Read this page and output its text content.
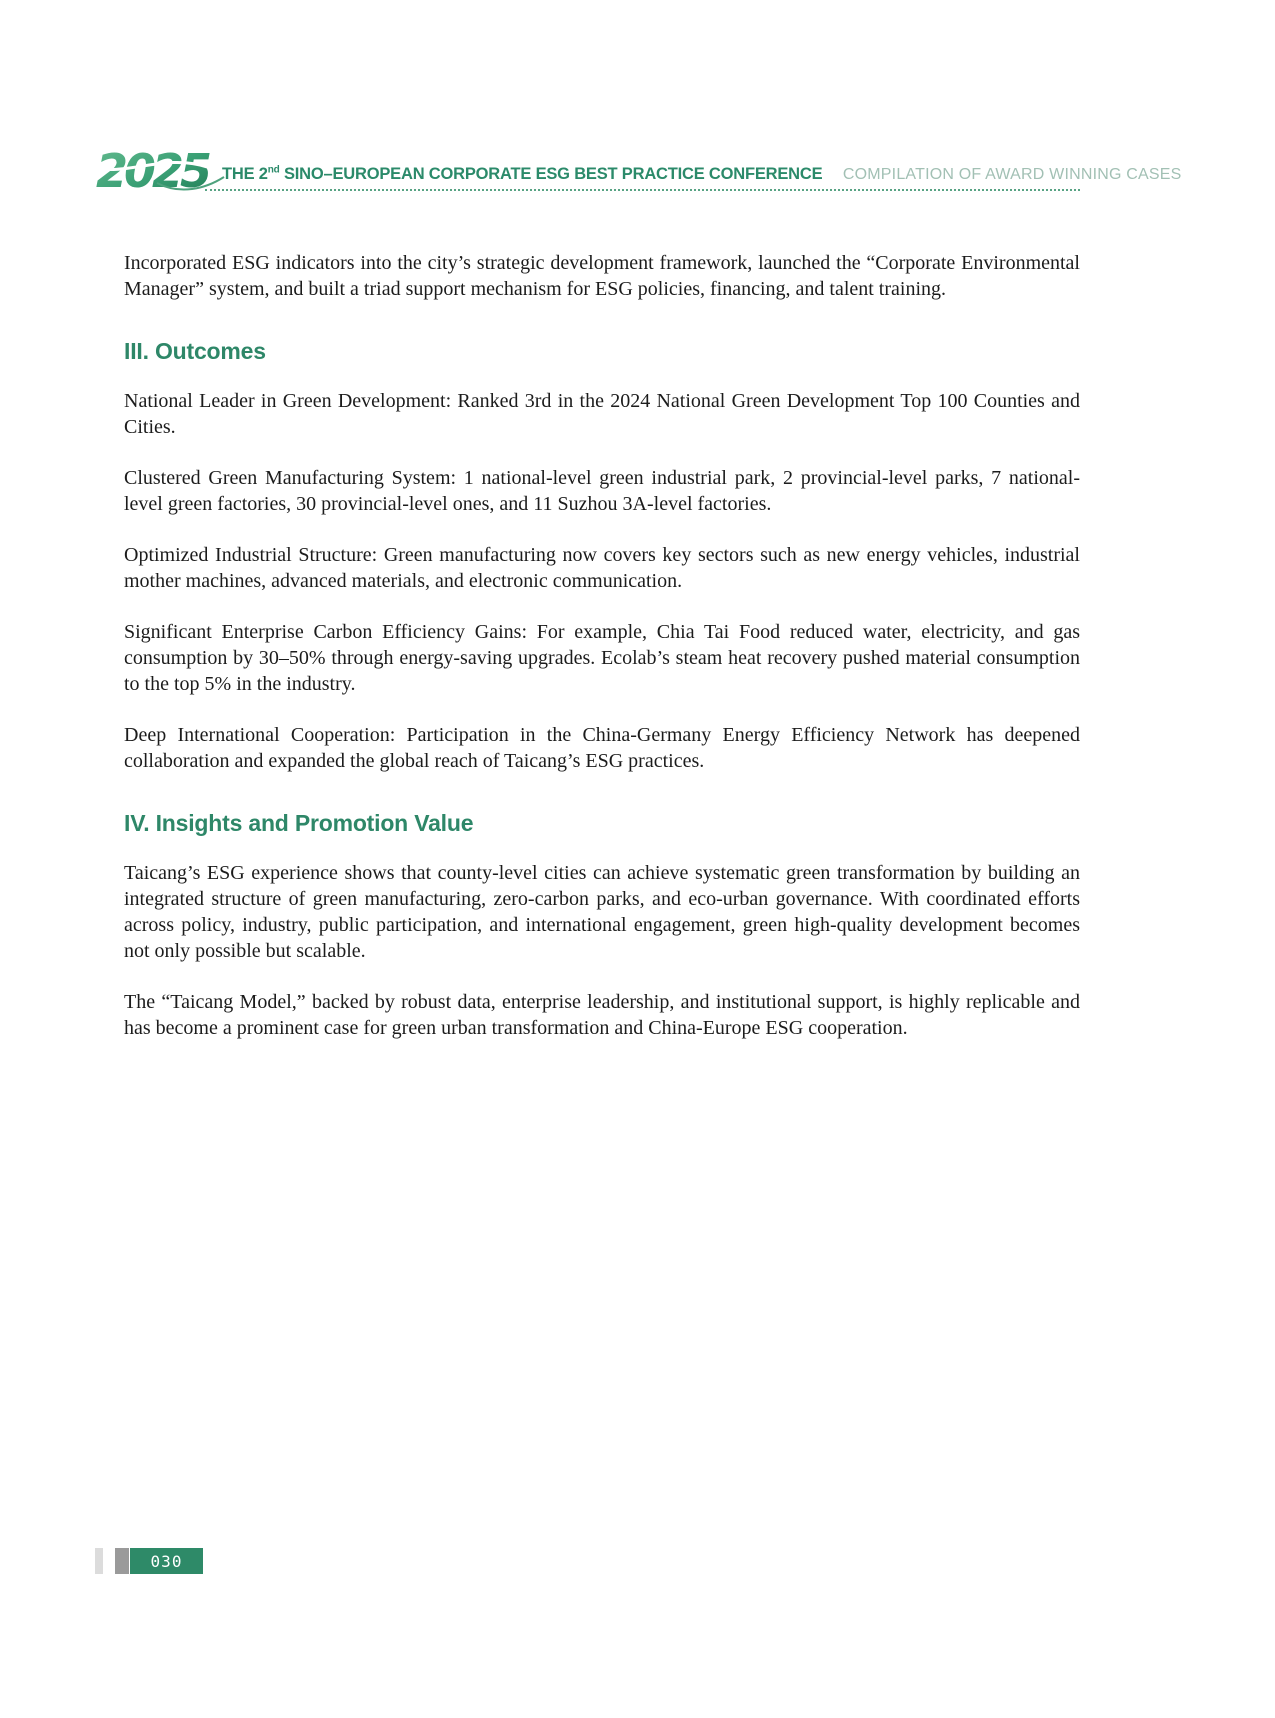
2025 THE 2nd SINO–EUROPEAN CORPORATE ESG BEST PRACTICE CONFERENCE COMPILATION OF AWARD WINNING CASES

Incorporated ESG indicators into the city’s strategic development framework, launched the “Corporate Environmental Manager” system, and built a triad support mechanism for ESG policies, financing, and talent training.

III. Outcomes

National Leader in Green Development: Ranked 3rd in the 2024 National Green Development Top 100 Counties and Cities.

Clustered Green Manufacturing System: 1 national-level green industrial park, 2 provincial-level parks, 7 national-level green factories, 30 provincial-level ones, and 11 Suzhou 3A-level factories.

Optimized Industrial Structure: Green manufacturing now covers key sectors such as new energy vehicles, industrial mother machines, advanced materials, and electronic communication.

Significant Enterprise Carbon Efficiency Gains: For example, Chia Tai Food reduced water, electricity, and gas consumption by 30–50% through energy-saving upgrades. Ecolab’s steam heat recovery pushed material consumption to the top 5% in the industry.

Deep International Cooperation: Participation in the China-Germany Energy Efficiency Network has deepened collaboration and expanded the global reach of Taicang’s ESG practices.

IV. Insights and Promotion Value

Taicang’s ESG experience shows that county-level cities can achieve systematic green transformation by building an integrated structure of green manufacturing, zero-carbon parks, and eco-urban governance. With coordinated efforts across policy, industry, public participation, and international engagement, green high-quality development becomes not only possible but scalable.

The “Taicang Model,” backed by robust data, enterprise leadership, and institutional support, is highly replicable and has become a prominent case for green urban transformation and China-Europe ESG cooperation.

030
